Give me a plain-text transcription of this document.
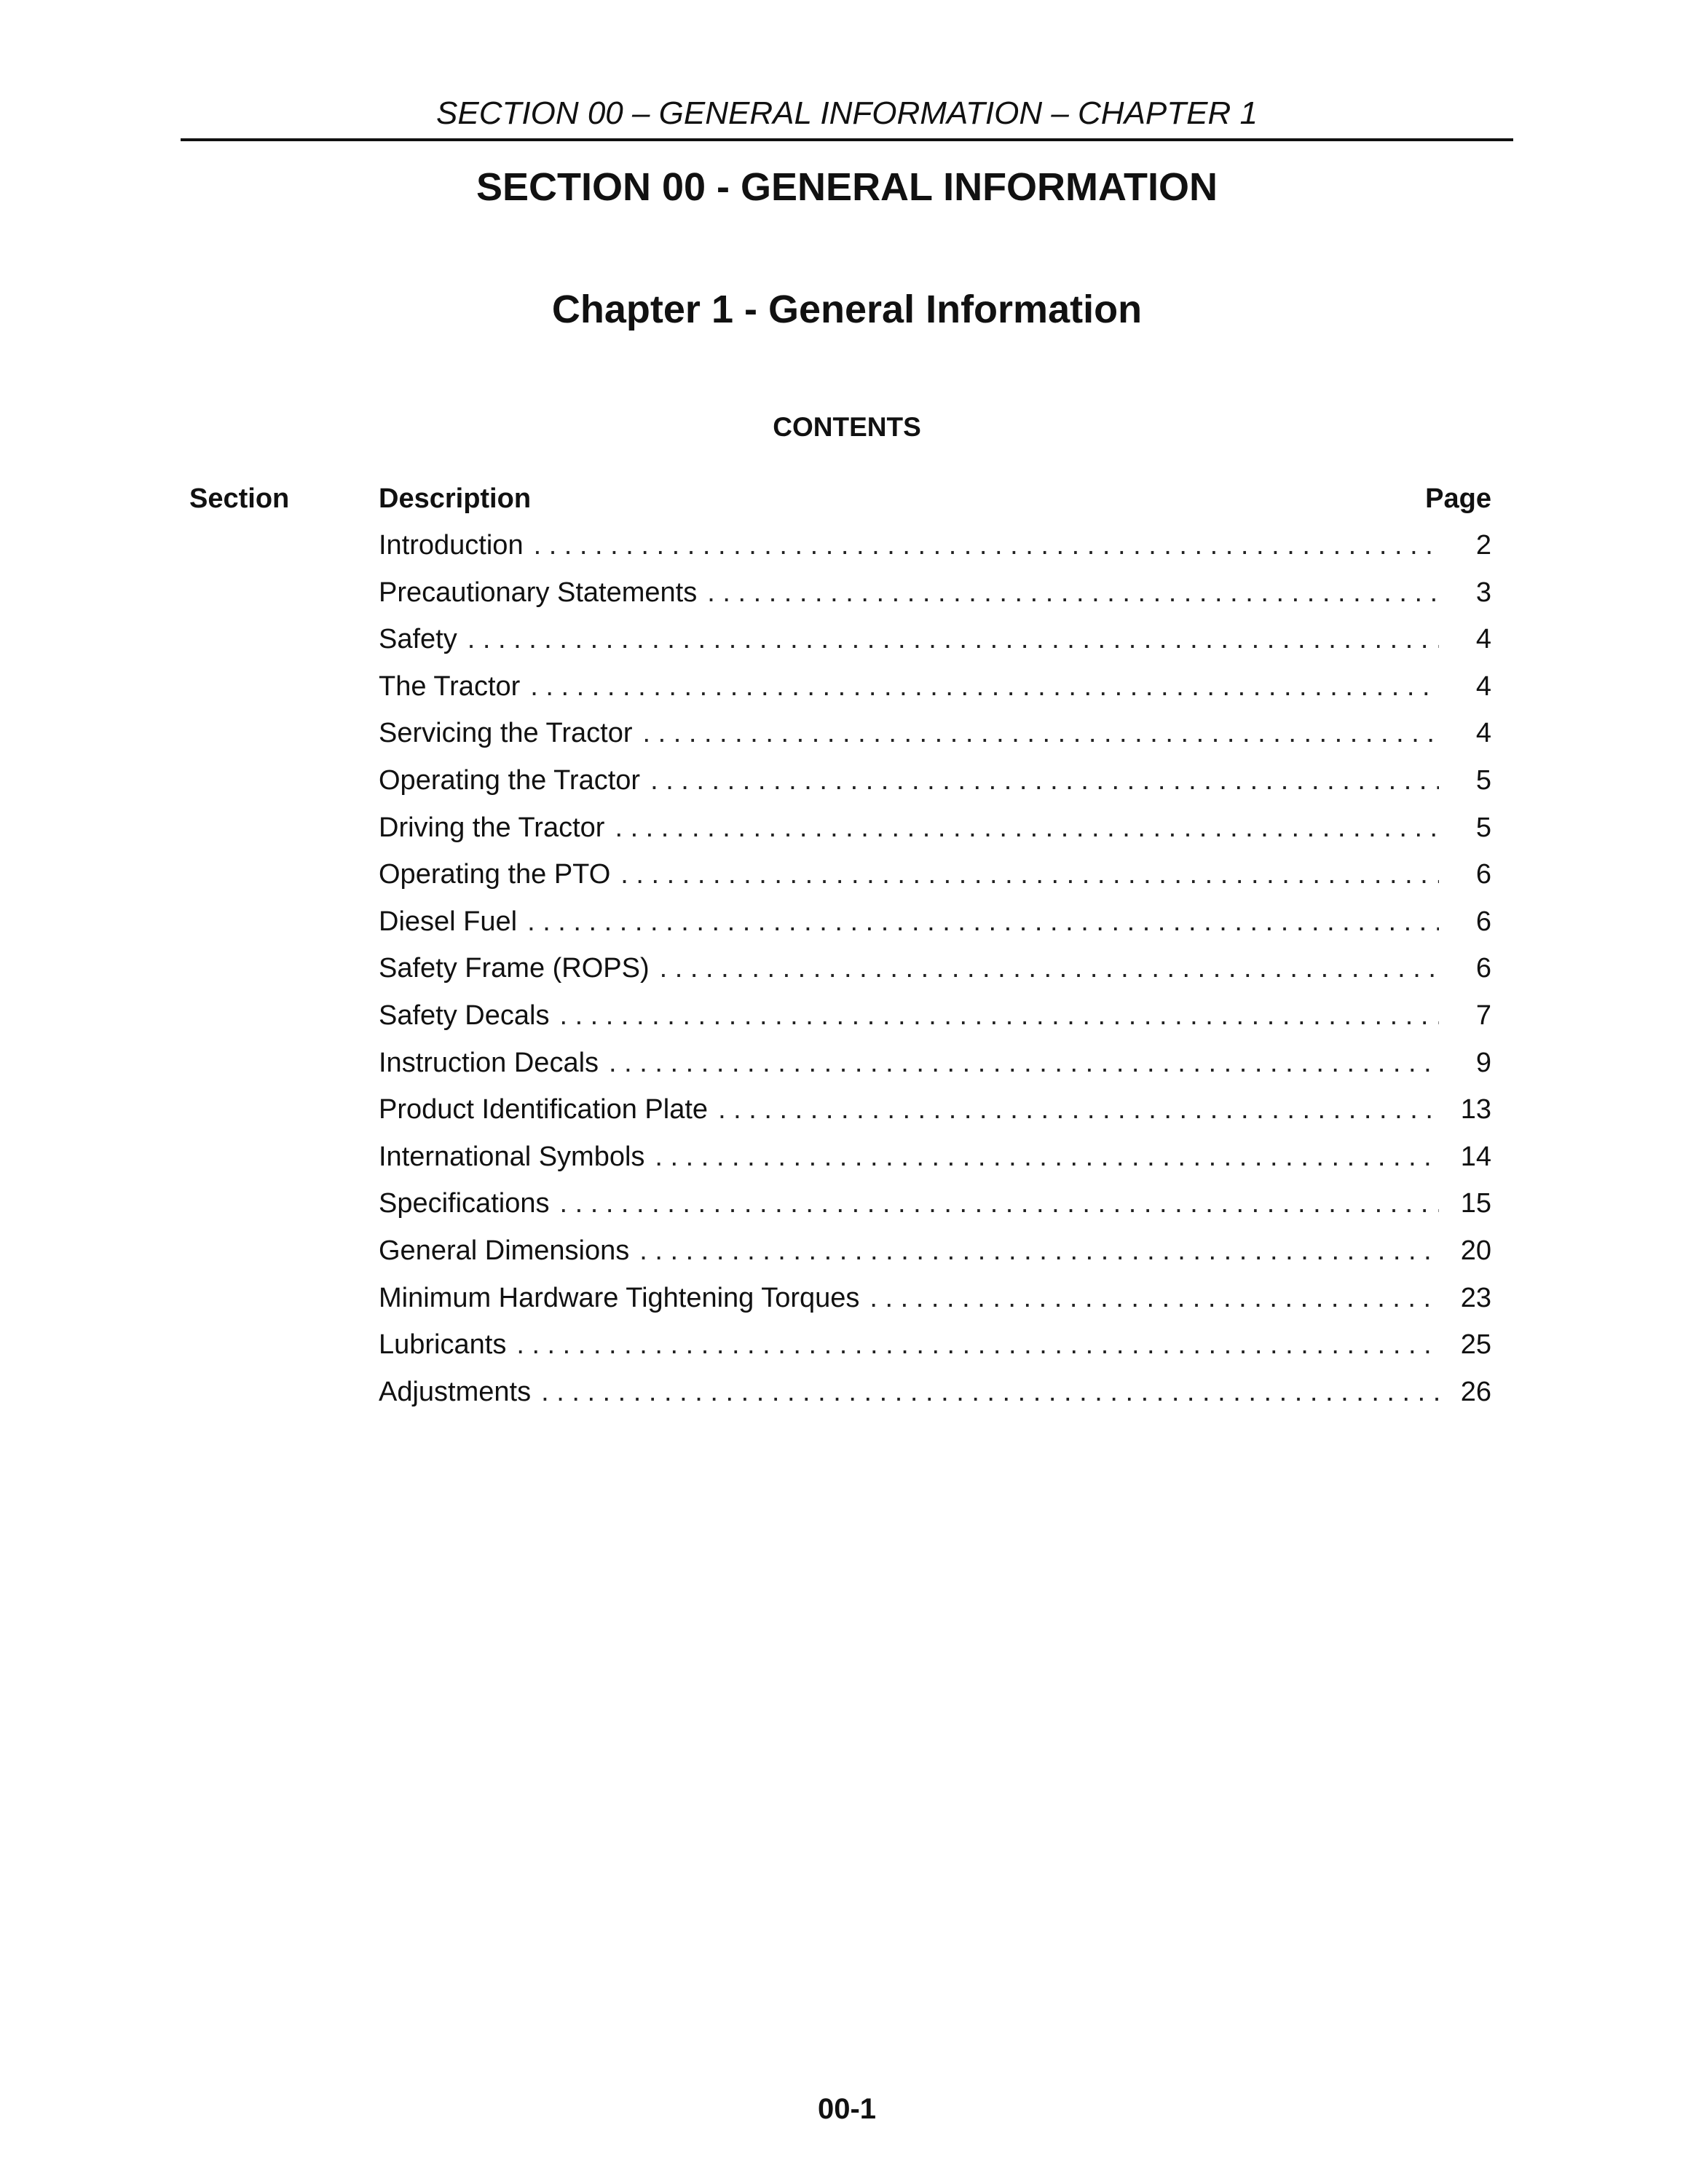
SECTION 00 – GENERAL INFORMATION – CHAPTER 1
SECTION 00 - GENERAL INFORMATION
Chapter 1 - General Information
CONTENTS
Section	Description	Page
Introduction . . .	2
Precautionary Statements . . .	3
Safety . . .	4
The Tractor . . .	4
Servicing the Tractor . . .	4
Operating the Tractor . . .	5
Driving the Tractor . . .	5
Operating the PTO . . .	6
Diesel Fuel . . .	6
Safety Frame (ROPS) . . .	6
Safety Decals . . .	7
Instruction Decals . . .	9
Product Identification Plate . . .	13
International Symbols . . .	14
Specifications . . .	15
General Dimensions . . .	20
Minimum Hardware Tightening Torques . . .	23
Lubricants . . .	25
Adjustments . . .	26
00-1
